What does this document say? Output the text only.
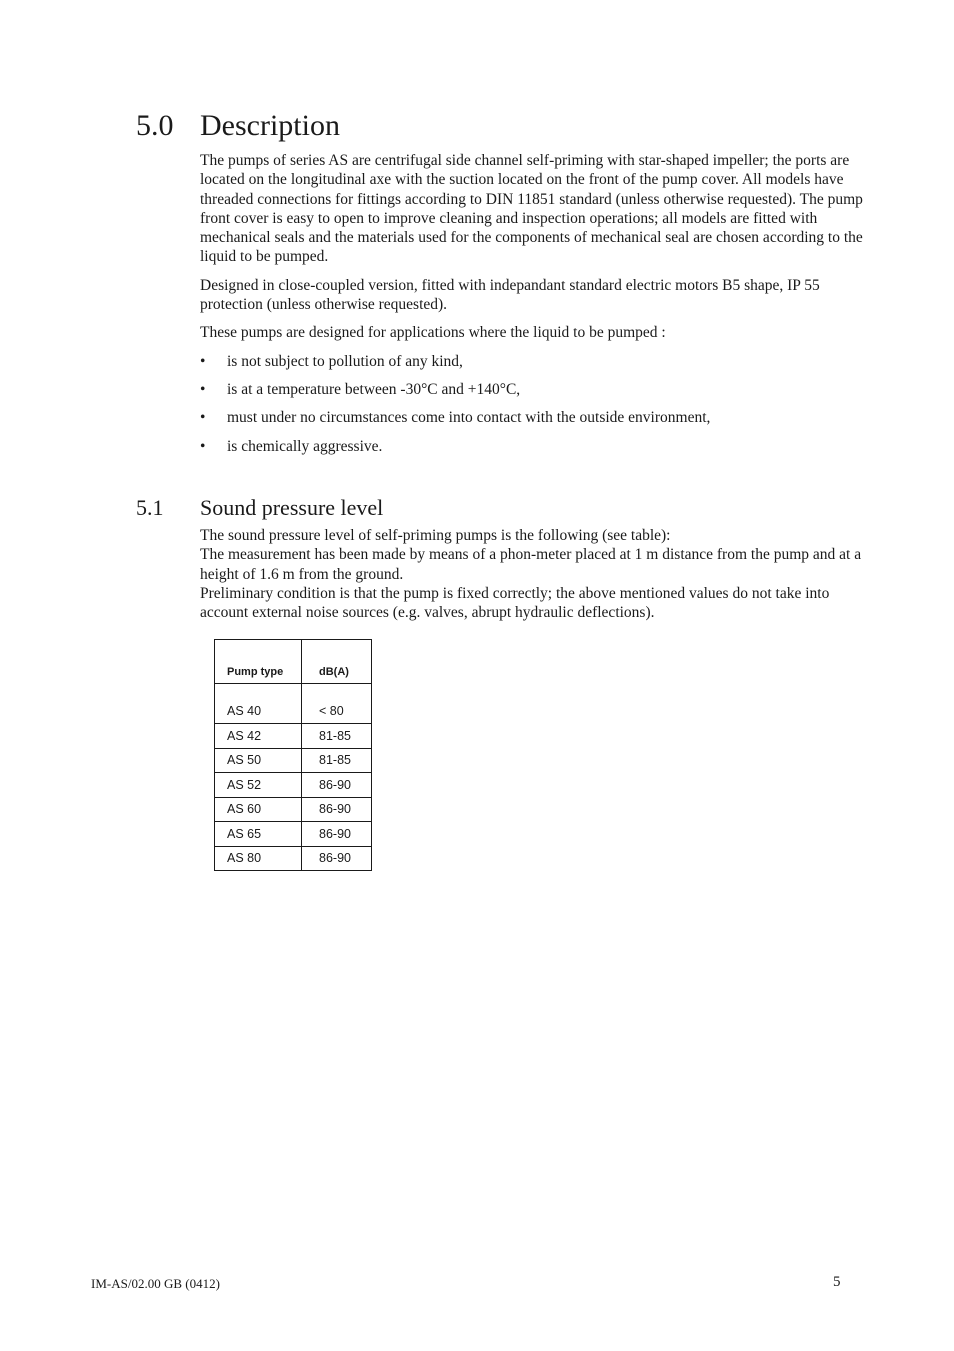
5.0 Description

The pumps of series AS are centrifugal side channel self-priming with star-shaped impeller; the ports are located on the longitudinal axe with the suction located on the front of the pump cover. All models have threaded connections for fittings according to DIN 11851 standard (unless otherwise requested). The pump front cover is easy to open to improve cleaning and inspection operations; all models are fitted with mechanical seals and the materials used for the components of mechanical seal are chosen according to the liquid to be pumped.

Designed in close-coupled version, fitted with indepandant standard electric motors B5 shape, IP 55 protection (unless otherwise requested).

These pumps are designed for applications where the liquid to be pumped :

• is not subject to pollution of any kind,
• is at a temperature between -30°C and +140°C,
• must under no circumstances come into contact with the outside environment,
• is chemically aggressive.
5.1 Sound pressure level

The sound pressure level of self-priming pumps is the following (see table):

The measurement has been made by means of a phon-meter placed at 1 m distance from the pump and at a height of 1.6 m from the ground.

Preliminary condition is that the pump is fixed correctly; the above mentioned values do not take into account external noise sources (e.g. valves, abrupt hydraulic deflections).

Pump type	dB(A)
AS 40	< 80
AS 42	81-85
AS 50	81-85
AS 52	86-90
AS 60	86-90
AS 65	86-90
AS 80	86-90
IM-AS/02.00 GB (0412)	5
